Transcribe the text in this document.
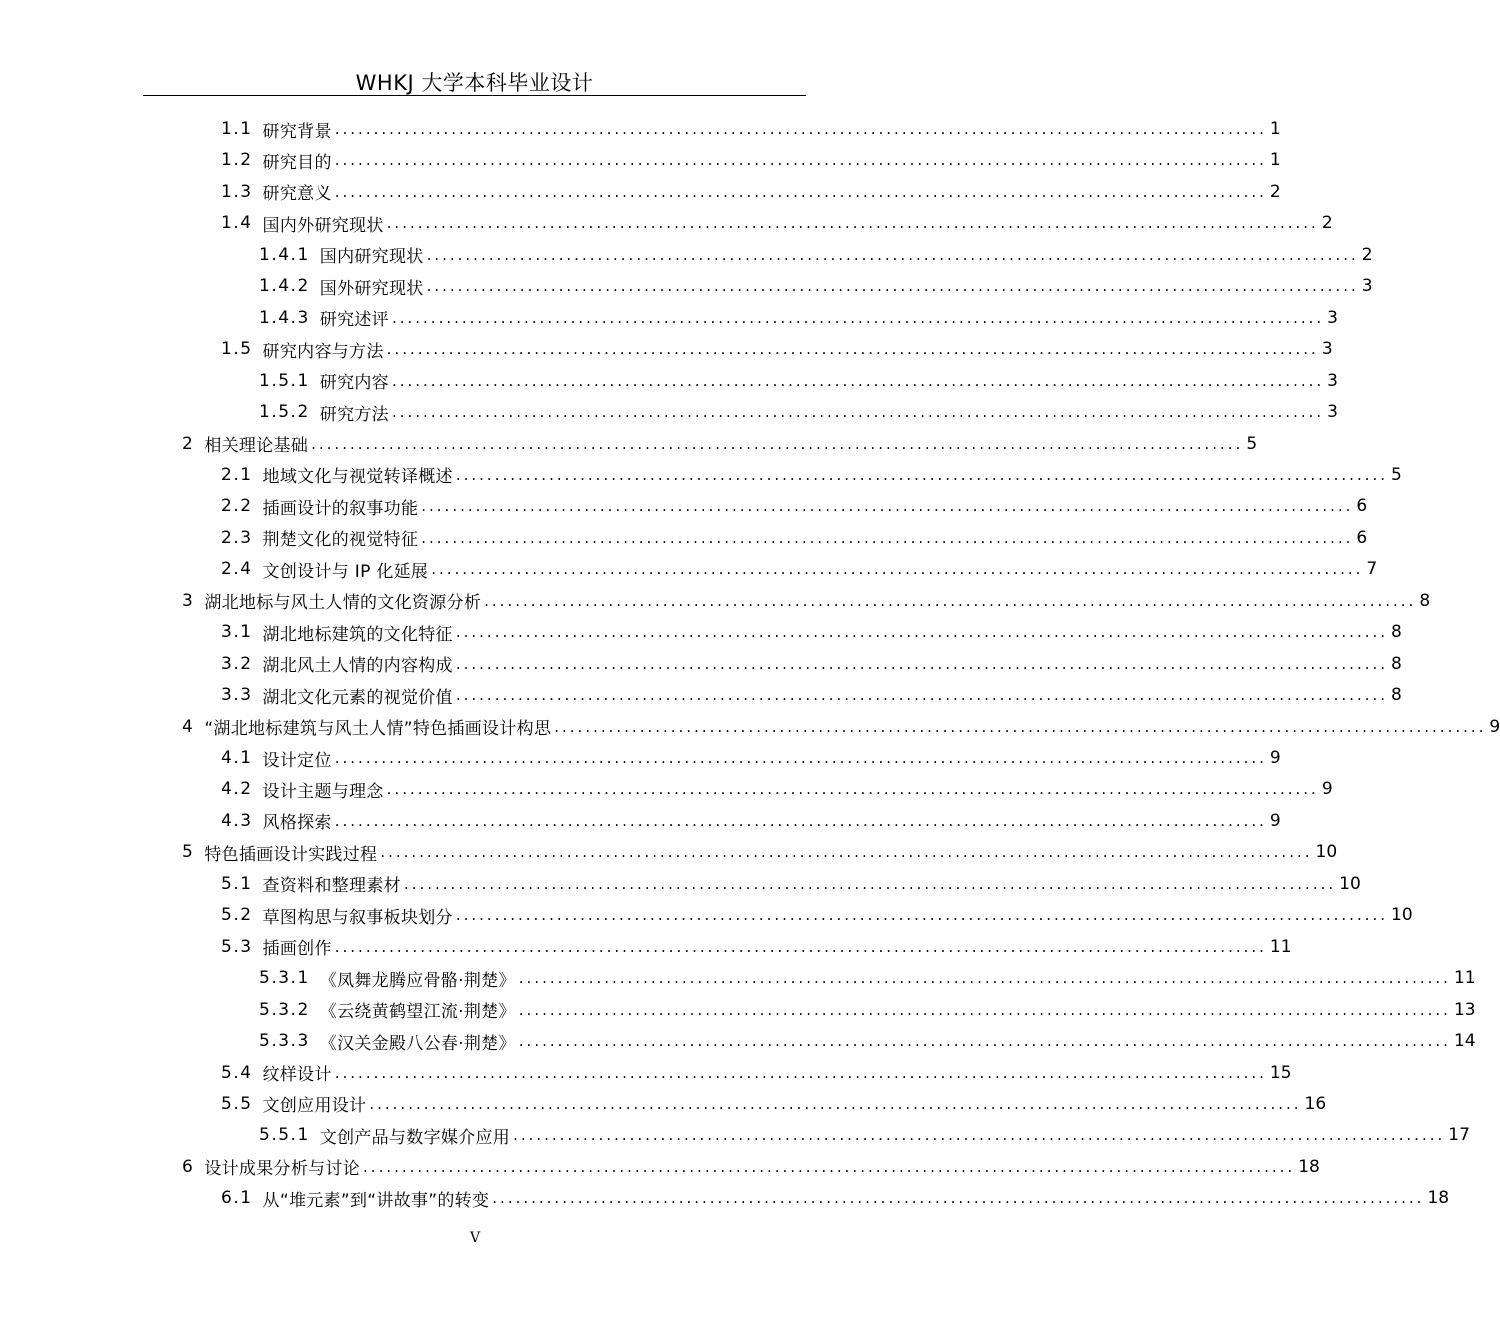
WHKJ 大学本科毕业设计
1.1 研究背景 ........................................................................................................................ 1
1.2 研究目的 ........................................................................................................................ 1
1.3 研究意义 ........................................................................................................................ 2
1.4 国内外研究现状 ........................................................................................................................ 2
1.4.1 国内研究现状 ........................................................................................................................ 2
1.4.2 国外研究现状 ........................................................................................................................ 3
1.4.3 研究述评 ........................................................................................................................ 3
1.5 研究内容与方法 ........................................................................................................................ 3
1.5.1 研究内容 ........................................................................................................................ 3
1.5.2 研究方法 ........................................................................................................................ 3
2 相关理论基础 ........................................................................................................................ 5
2.1 地域文化与视觉转译概述 ........................................................................................................................ 5
2.2 插画设计的叙事功能 ........................................................................................................................ 6
2.3 荆楚文化的视觉特征 ........................................................................................................................ 6
2.4 文创设计与 IP 化延展 ........................................................................................................................ 7
3 湖北地标与风土人情的文化资源分析 ........................................................................................................................ 8
3.1 湖北地标建筑的文化特征 ........................................................................................................................ 8
3.2 湖北风土人情的内容构成 ........................................................................................................................ 8
3.3 湖北文化元素的视觉价值 ........................................................................................................................ 8
4 “湖北地标建筑与风土人情”特色插画设计构思 ........................................................................................................................ 9
4.1 设计定位 ........................................................................................................................ 9
4.2 设计主题与理念 ........................................................................................................................ 9
4.3 风格探索 ........................................................................................................................ 9
5 特色插画设计实践过程 ........................................................................................................................ 10
5.1 查资料和整理素材 ........................................................................................................................ 10
5.2 草图构思与叙事板块划分 ........................................................................................................................ 10
5.3 插画创作 ........................................................................................................................ 11
5.3.1 《凤舞龙腾应骨骼·荆楚》 ........................................................................................................................ 11
5.3.2 《云绕黄鹤望江流·荆楚》 ........................................................................................................................ 13
5.3.3 《汉关金殿八公春·荆楚》 ........................................................................................................................ 14
5.4 纹样设计 ........................................................................................................................ 15
5.5 文创应用设计 ........................................................................................................................ 16
5.5.1 文创产品与数字媒介应用 ........................................................................................................................ 17
6 设计成果分析与讨论 ........................................................................................................................ 18
6.1 从“堆元素”到“讲故事”的转变 ........................................................................................................................ 18
V
